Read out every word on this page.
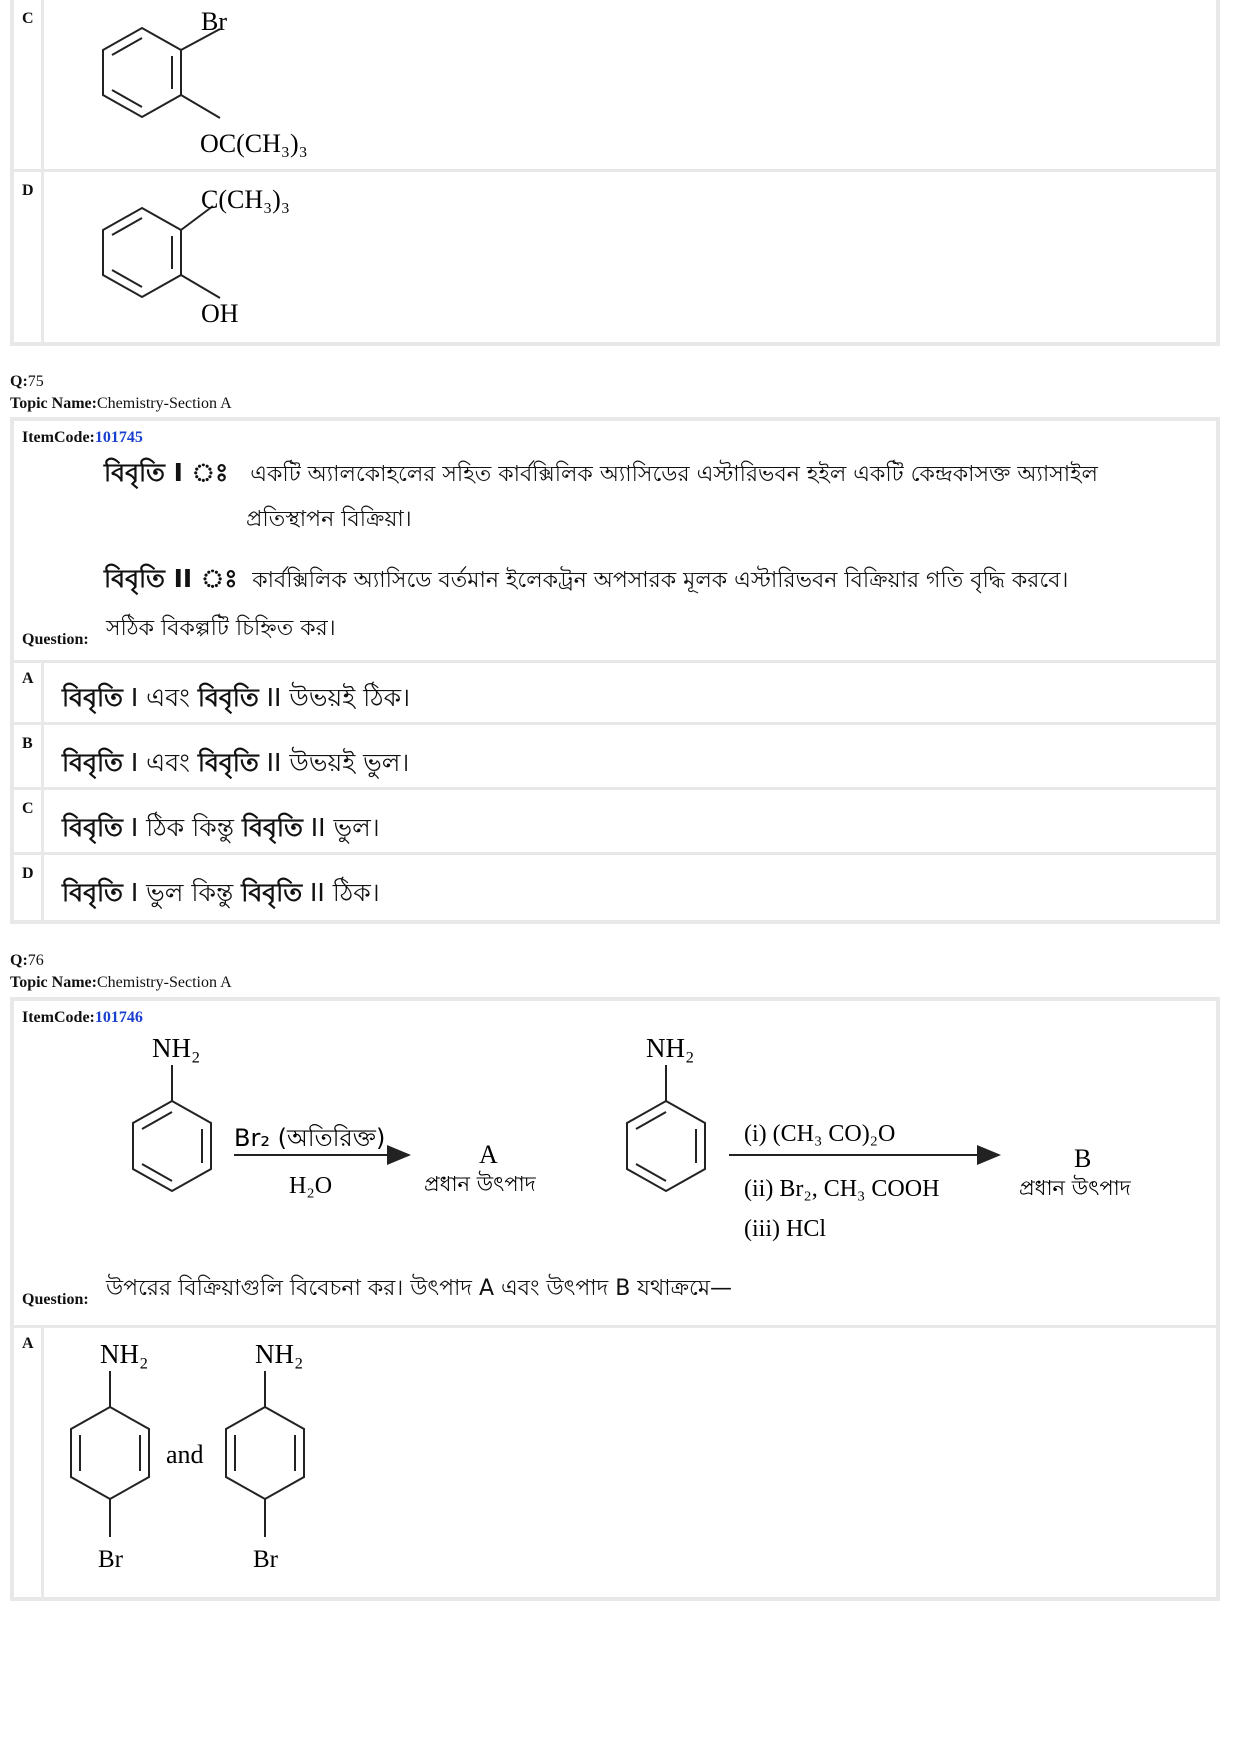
C	Br
OC(CH₃)₃
D	C(CH₃)₃
OH
Q:75
Topic Name:Chemistry-Section A
ItemCode:101745
বিবৃতি I ঃ একটি অ্যালকোহলের সহিত কার্বক্সিলিক অ্যাসিডের এস্টারিভবন হইল একটি কেন্দ্রকাসক্ত অ্যাসাইল
প্রতিস্থাপন বিক্রিয়া।
বিবৃতি II ঃ কার্বক্সিলিক অ্যাসিডে বর্তমান ইলেকট্রন অপসারক মূলক এস্টারিভবন বিক্রিয়ার গতি বৃদ্ধি করবে।
Question: সঠিক বিকল্পটি চিহ্নিত কর।
A
বিবৃতি I এবং বিবৃতি II উভয়ই ঠিক।
B
বিবৃতি I এবং বিবৃতি II উভয়ই ভুল।
C
বিবৃতি I ঠিক কিন্তু বিবৃতি II ভুল।
D
বিবৃতি I ভুল কিন্তু বিবৃতি II ঠিক।
Q:76
Topic Name:Chemistry-Section A
ItemCode:101746
NH₂
Br₂ (অতিরিক্ত)
H₂O
A
প্রধান উৎপাদ
NH₂
(i) (CH₃ CO)₂O
(ii) Br₂, CH₃ COOH
(iii) HCl
B
প্রধান উৎপাদ
Question: উপরের বিক্রিয়াগুলি বিবেচনা কর। উৎপাদ A এবং উৎপাদ B যথাক্রমে—
A	NH₂
Br
and
NH₂
Br
